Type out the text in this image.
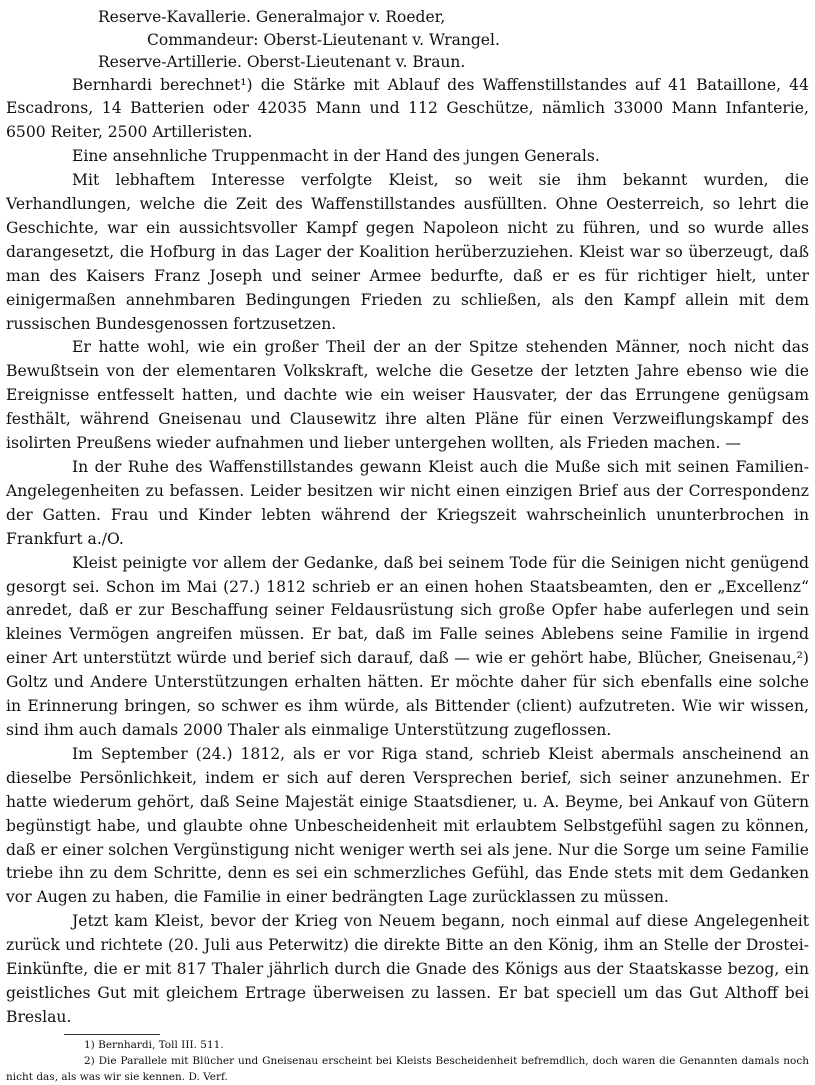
Reserve-Kavallerie. Generalmajor v. Roeder,
Commandeur: Oberst-Lieutenant v. Wrangel.
Reserve-Artillerie. Oberst-Lieutenant v. Braun.

Bernhardi berechnet¹) die Stärke mit Ablauf des Waffenstillstandes auf 41 Bataillone, 44 Escadrons, 14 Batterien oder 42035 Mann und 112 Geschütze, nämlich 33000 Mann Infanterie, 6500 Reiter, 2500 Artilleristen.

Eine ansehnliche Truppenmacht in der Hand des jungen Generals.

Mit lebhaftem Interesse verfolgte Kleist, so weit sie ihm bekannt wurden, die Verhandlungen, welche die Zeit des Waffenstillstandes ausfüllten. Ohne Oesterreich, so lehrt die Geschichte, war ein aussichtsvoller Kampf gegen Napoleon nicht zu führen, und so wurde alles darangesetzt, die Hofburg in das Lager der Koalition herüberzuziehen. Kleist war so überzeugt, daß man des Kaisers Franz Joseph und seiner Armee bedurfte, daß er es für richtiger hielt, unter einigermaßen annehmbaren Bedingungen Frieden zu schließen, als den Kampf allein mit dem russischen Bundesgenossen fortzusetzen.

Er hatte wohl, wie ein großer Theil der an der Spitze stehenden Männer, noch nicht das Bewußtsein von der elementaren Volkskraft, welche die Gesetze der letzten Jahre ebenso wie die Ereignisse entfesselt hatten, und dachte wie ein weiser Hausvater, der das Errungene genügsam festhält, während Gneisenau und Clausewitz ihre alten Pläne für einen Verzweiflungskampf des isolirten Preußens wieder aufnahmen und lieber untergehen wollten, als Frieden machen. —

In der Ruhe des Waffenstillstandes gewann Kleist auch die Muße sich mit seinen Familien-Angelegenheiten zu befassen. Leider besitzen wir nicht einen einzigen Brief aus der Correspondenz der Gatten. Frau und Kinder lebten während der Kriegszeit wahrscheinlich ununterbrochen in Frankfurt a./O.

Kleist peinigte vor allem der Gedanke, daß bei seinem Tode für die Seinigen nicht genügend gesorgt sei. Schon im Mai (27.) 1812 schrieb er an einen hohen Staatsbeamten, den er „Excellenz“ anredet, daß er zur Beschaffung seiner Feldausrüstung sich große Opfer habe auferlegen und sein kleines Vermögen angreifen müssen. Er bat, daß im Falle seines Ablebens seine Familie in irgend einer Art unterstützt würde und berief sich darauf, daß — wie er gehört habe, Blücher, Gneisenau,²) Goltz und Andere Unterstützungen erhalten hätten. Er möchte daher für sich ebenfalls eine solche in Erinnerung bringen, so schwer es ihm würde, als Bittender (client) aufzutreten. Wie wir wissen, sind ihm auch damals 2000 Thaler als einmalige Unterstützung zugeflossen.

Im September (24.) 1812, als er vor Riga stand, schrieb Kleist abermals anscheinend an dieselbe Persönlichkeit, indem er sich auf deren Versprechen berief, sich seiner anzunehmen. Er hatte wiederum gehört, daß Seine Majestät einige Staatsdiener, u. A. Beyme, bei Ankauf von Gütern begünstigt habe, und glaubte ohne Unbescheidenheit mit erlaubtem Selbstgefühl sagen zu können, daß er einer solchen Vergünstigung nicht weniger werth sei als jene. Nur die Sorge um seine Familie triebe ihn zu dem Schritte, denn es sei ein schmerzliches Gefühl, das Ende stets mit dem Gedanken vor Augen zu haben, die Familie in einer bedrängten Lage zurücklassen zu müssen.

Jetzt kam Kleist, bevor der Krieg von Neuem begann, noch einmal auf diese Angelegenheit zurück und richtete (20. Juli aus Peterwitz) die direkte Bitte an den König, ihm an Stelle der Drostei-Einkünfte, die er mit 817 Thaler jährlich durch die Gnade des Königs aus der Staatskasse bezog, ein geistliches Gut mit gleichem Ertrage überweisen zu lassen. Er bat speciell um das Gut Althoff bei Breslau.

1) Bernhardi, Toll III. 511.

2) Die Parallele mit Blücher und Gneisenau erscheint bei Kleists Bescheidenheit befremdlich, doch waren die Genannten damals noch nicht das, als was wir sie kennen. D. Verf.
